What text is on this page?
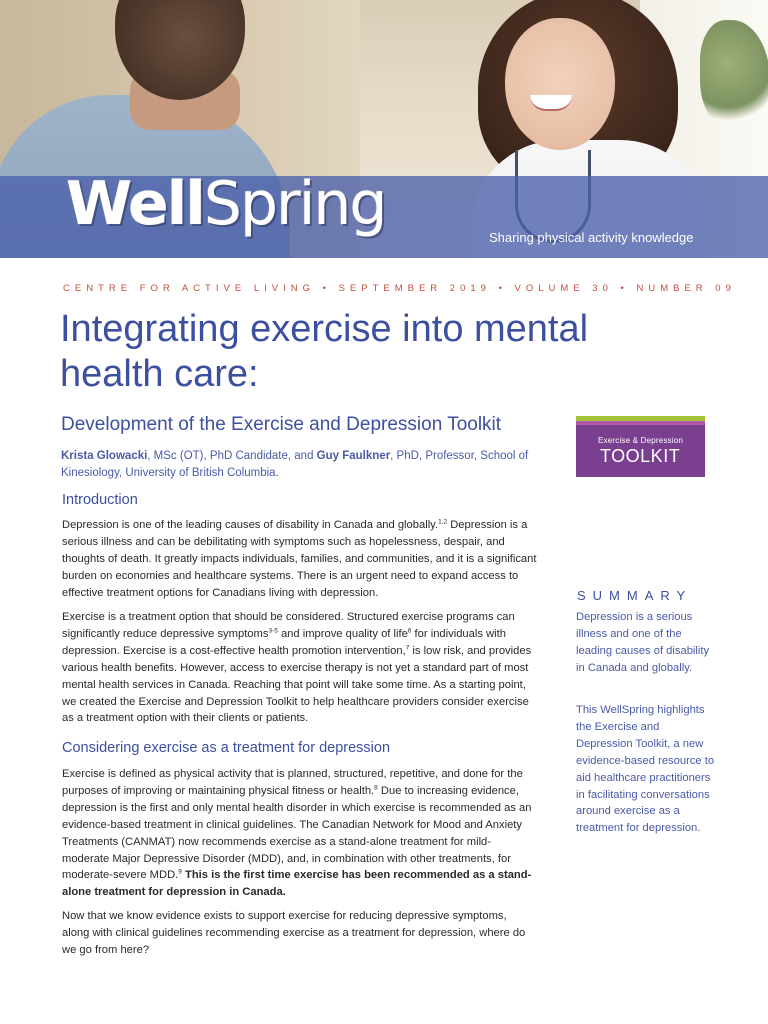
WellSpring	Sharing physical activity knowledge

CENTRE FOR ACTIVE LIVING • SEPTEMBER 2019 • VOLUME 30 • NUMBER 09
Integrating exercise into mental
health care:
Development of the Exercise and Depression Toolkit

Krista Glowacki, MSc (OT), PhD Candidate, and Guy Faulkner, PhD, Professor, School of Kinesiology, University of British Columbia.

Exercise & Depression
TOOLKIT
Introduction

Depression is one of the leading causes of disability in Canada and globally.$^{1,2}$ Depression is a serious illness and can be debilitating with symptoms such as hopelessness, despair, and thoughts of death. It greatly impacts individuals, families, and communities, and it is a significant burden on economies and healthcare systems. There is an urgent need to expand access to effective treatment options for Canadians living with depression.

Exercise is a treatment option that should be considered. Structured exercise programs can significantly reduce depressive symptoms$^{3-5}$ and improve quality of life$^6$ for individuals with depression. Exercise is a cost-effective health promotion intervention,$^7$ is low risk, and provides various health benefits. However, access to exercise therapy is not yet a standard part of most mental health services in Canada. Reaching that point will take some time. As a starting point, we created the Exercise and Depression Toolkit to help healthcare providers consider exercise as a treatment option with their clients or patients.

Considering exercise as a treatment for depression

Exercise is defined as physical activity that is planned, structured, repetitive, and done for the purposes of improving or maintaining physical fitness or health.$^8$ Due to increasing evidence, depression is the first and only mental health disorder in which exercise is recommended as an evidence-based treatment in clinical guidelines. The Canadian Network for Mood and Anxiety Treatments (CANMAT) now recommends exercise as a stand-alone treatment for mild-moderate Major Depressive Disorder (MDD), and, in combination with other treatments, for moderate-severe MDD.$^9$ This is the first time exercise has been recommended as a stand-alone treatment for depression in Canada.

Now that we know evidence exists to support exercise for reducing depressive symptoms, along with clinical guidelines recommending exercise as a treatment for depression, where do we go from here?

SUMMARY

Depression is a serious illness and one of the leading causes of disability in Canada and globally.

This WellSpring highlights the Exercise and Depression Toolkit, a new evidence-based resource to aid healthcare practitioners in facilitating conversations around exercise as a treatment for depression.
